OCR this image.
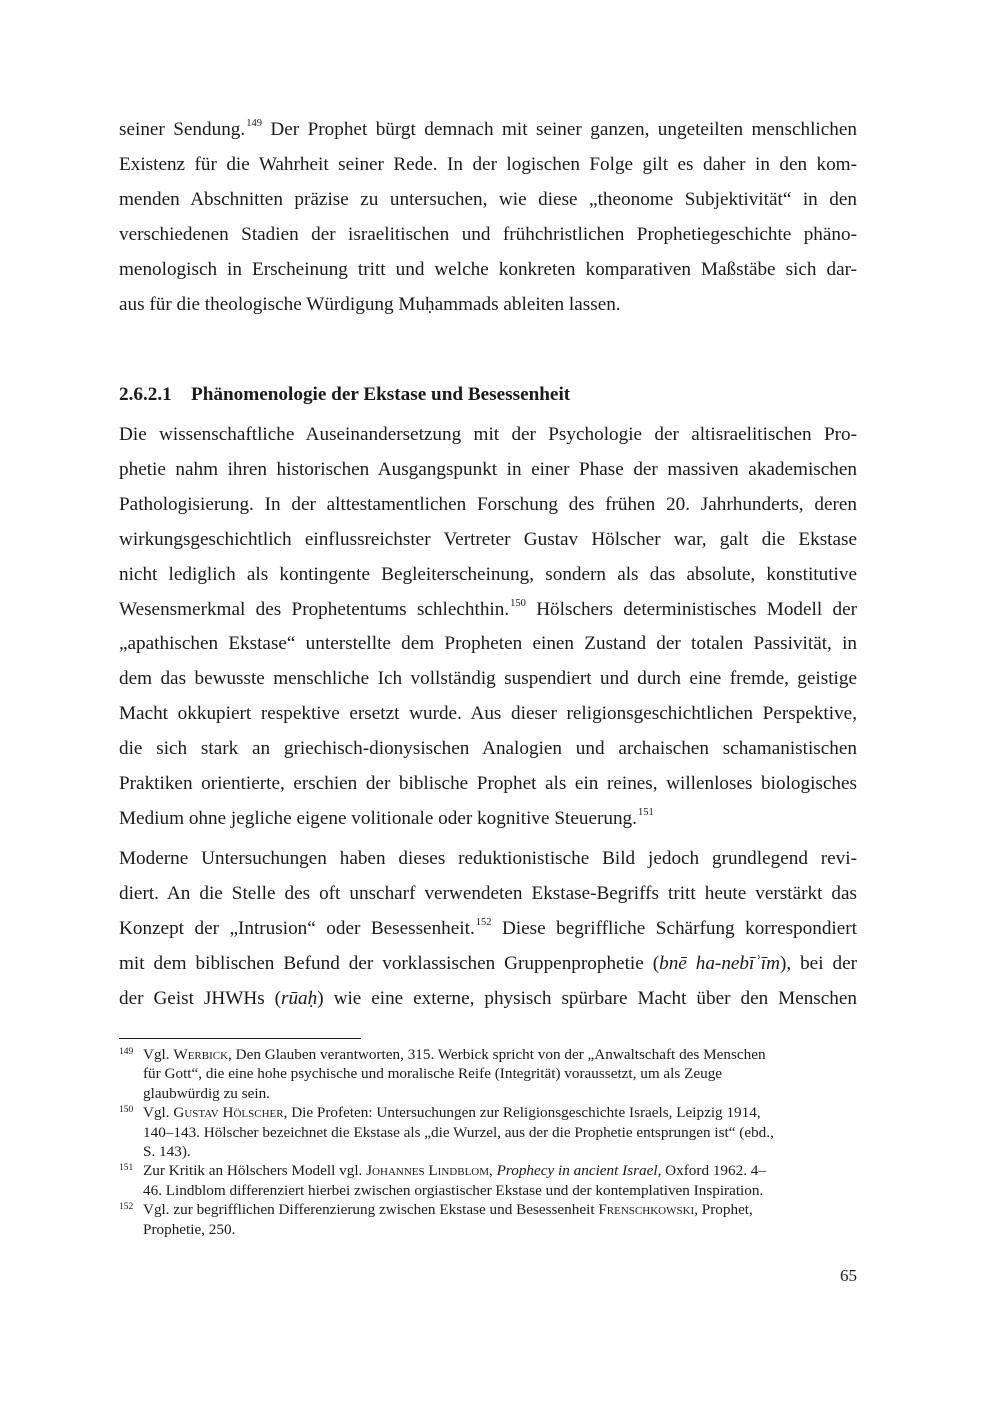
seiner Sendung.$^{149}$ Der Prophet bürgt demnach mit seiner ganzen, ungeteilten menschlichen
Existenz für die Wahrheit seiner Rede. In der logischen Folge gilt es daher in den kom-
menden Abschnitten präzise zu untersuchen, wie diese „theonome Subjektivität“ in den
verschiedenen Stadien der israelitischen und frühchristlichen Prophetiegeschichte phäno-
menologisch in Erscheinung tritt und welche konkreten komparativen Maßstäbe sich dar-
aus für die theologische Würdigung Muḥammads ableiten lassen.

2.6.2.1 Phänomenologie der Ekstase und Besessenheit

Die wissenschaftliche Auseinandersetzung mit der Psychologie der altisraelitischen Pro-
phetie nahm ihren historischen Ausgangspunkt in einer Phase der massiven akademischen
Pathologisierung. In der alttestamentlichen Forschung des frühen 20. Jahrhunderts, deren
wirkungsgeschichtlich einflussreichster Vertreter Gustav Hölscher war, galt die Ekstase
nicht lediglich als kontingente Begleiterscheinung, sondern als das absolute, konstitutive
Wesensmerkmal des Prophetentums schlechthin.$^{150}$ Hölschers deterministisches Modell der
„apathischen Ekstase“ unterstellte dem Propheten einen Zustand der totalen Passivität, in
dem das bewusste menschliche Ich vollständig suspendiert und durch eine fremde, geistige
Macht okkupiert respektive ersetzt wurde. Aus dieser religionsgeschichtlichen Perspektive,
die sich stark an griechisch-dionysischen Analogien und archaischen schamanistischen
Praktiken orientierte, erschien der biblische Prophet als ein reines, willenloses biologisches
Medium ohne jegliche eigene volitionale oder kognitive Steuerung.$^{151}$

Moderne Untersuchungen haben dieses reduktionistische Bild jedoch grundlegend revi-
diert. An die Stelle des oft unscharf verwendeten Ekstase-Begriffs tritt heute verstärkt das
Konzept der „Intrusion“ oder Besessenheit.$^{152}$ Diese begriffliche Schärfung korrespondiert
mit dem biblischen Befund der vorklassischen Gruppenprophetie (bnē ha-nebīʾīm), bei der
der Geist JHWHs (rūaḥ) wie eine externe, physisch spürbare Macht über den Menschen

149 Vgl. Werbick, Den Glauben verantworten, 315. Werbick spricht von der „Anwaltschaft des Menschen
für Gott“, die eine hohe psychische und moralische Reife (Integrität) voraussetzt, um als Zeuge
glaubwürdig zu sein.
150 Vgl. Gustav Hölscher, Die Profeten: Untersuchungen zur Religionsgeschichte Israels, Leipzig 1914,
140–143. Hölscher bezeichnet die Ekstase als „die Wurzel, aus der die Prophetie entsprungen ist“ (ebd.,
S. 143).
151 Zur Kritik an Hölschers Modell vgl. Johannes Lindblom, Prophecy in ancient Israel, Oxford 1962. 4–
46. Lindblom differenziert hierbei zwischen orgiastischer Ekstase und der kontemplativen Inspiration.
152 Vgl. zur begrifflichen Differenzierung zwischen Ekstase und Besessenheit Frenschkowski, Prophet,
Prophetie, 250.
65
